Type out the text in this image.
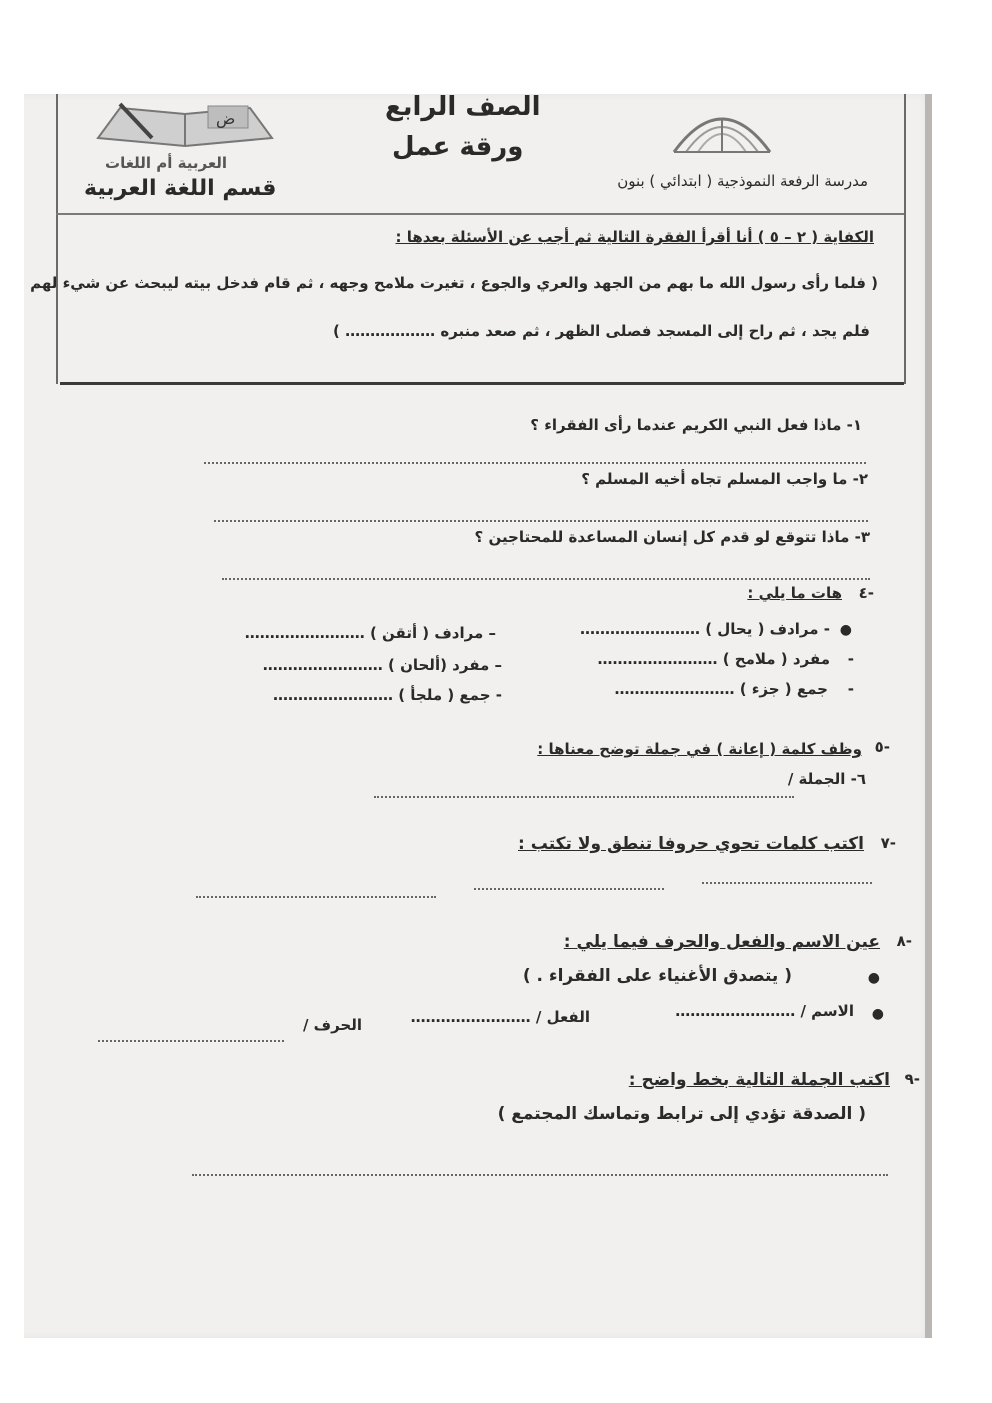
مدرسة الرفعة النموذجية ( ابتدائي ) بنون
الصف الرابع
ورقة عمل
ض
العربية أم اللغات
قسم اللغة العربية
الكفاية ( ٢ – ٥ ) أنا أقرأ الفقرة التالية ثم أجب عن الأسئلة بعدها :
( فلما رأى رسول الله ما بهم من الجهد والعري والجوع ، تغيرت ملامح وجهه ، ثم قام فدخل بيته ليبحث عن شيء لهم
فلم يجد ، ثم راح إلى المسجد فصلى الظهر ، ثم صعد منبره ……………… )
١- ماذا فعل النبي الكريم عندما رأى الفقراء ؟
٢- ما واجب المسلم تجاه أخيه المسلم ؟
٣- ماذا تتوقع لو قدم كل إنسان المساعدة للمحتاجين ؟
٤-
هات ما يلي :
●
- مرادف ( يحال ) ……………………
– مرادف ( أتقن ) ……………………
-
مفرد ( ملامح ) ……………………
– مفرد (ألحان ) ……………………
-
جمع ( جزء ) ……………………
- جمع ( ملجأ ) ……………………
٥-
وظف كلمة ( إعانة ) في جملة توضح معناها :
٦- الجملة /
٧-
اكتب كلمات تحوي حروفا تنطق ولا تكتب :
٨-
عين الاسم والفعل والحرف فيما يلي :
●
( يتصدق الأغنياء على الفقراء . )
●
الاسم / ……………………
الفعل / ……………………
الحرف /
٩-
اكتب الجملة التالية بخط واضح :
( الصدقة تؤدي إلى ترابط وتماسك المجتمع )
